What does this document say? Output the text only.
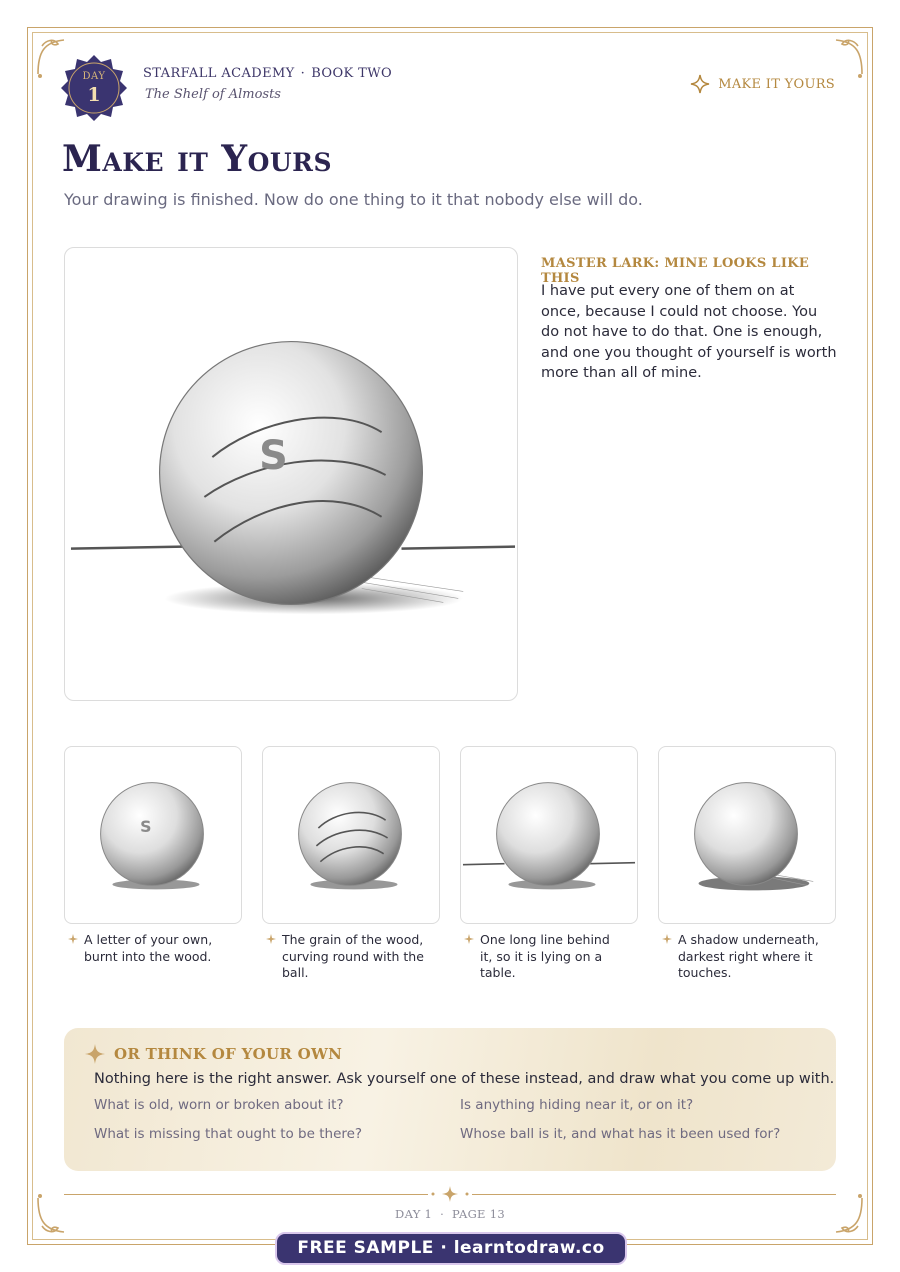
DAY
1
STARFALL ACADEMY · BOOK TWO
The Shelf of Almosts
MAKE IT YOURS
Make it Yours
Your drawing is finished. Now do one thing to it that nobody else will do.
S
MASTER LARK: MINE LOOKS LIKE THIS
I have put every one of them on at once, because I could not choose. You do not have to do that. One is enough, and one you thought of yourself is worth more than all of mine.
S
A letter of your own, burnt into the wood.
The grain of the wood, curving round with the ball.
One long line behind it, so it is lying on a table.
A shadow underneath, darkest right where it touches.
OR THINK OF YOUR OWN
Nothing here is the right answer. Ask yourself one of these instead, and draw what you come up with.
What is old, worn or broken about it?	Is anything hiding near it, or on it?
What is missing that ought to be there?	Whose ball is it, and what has it been used for?
DAY 1  ·  PAGE 13
FREE SAMPLE · learntodraw.co
